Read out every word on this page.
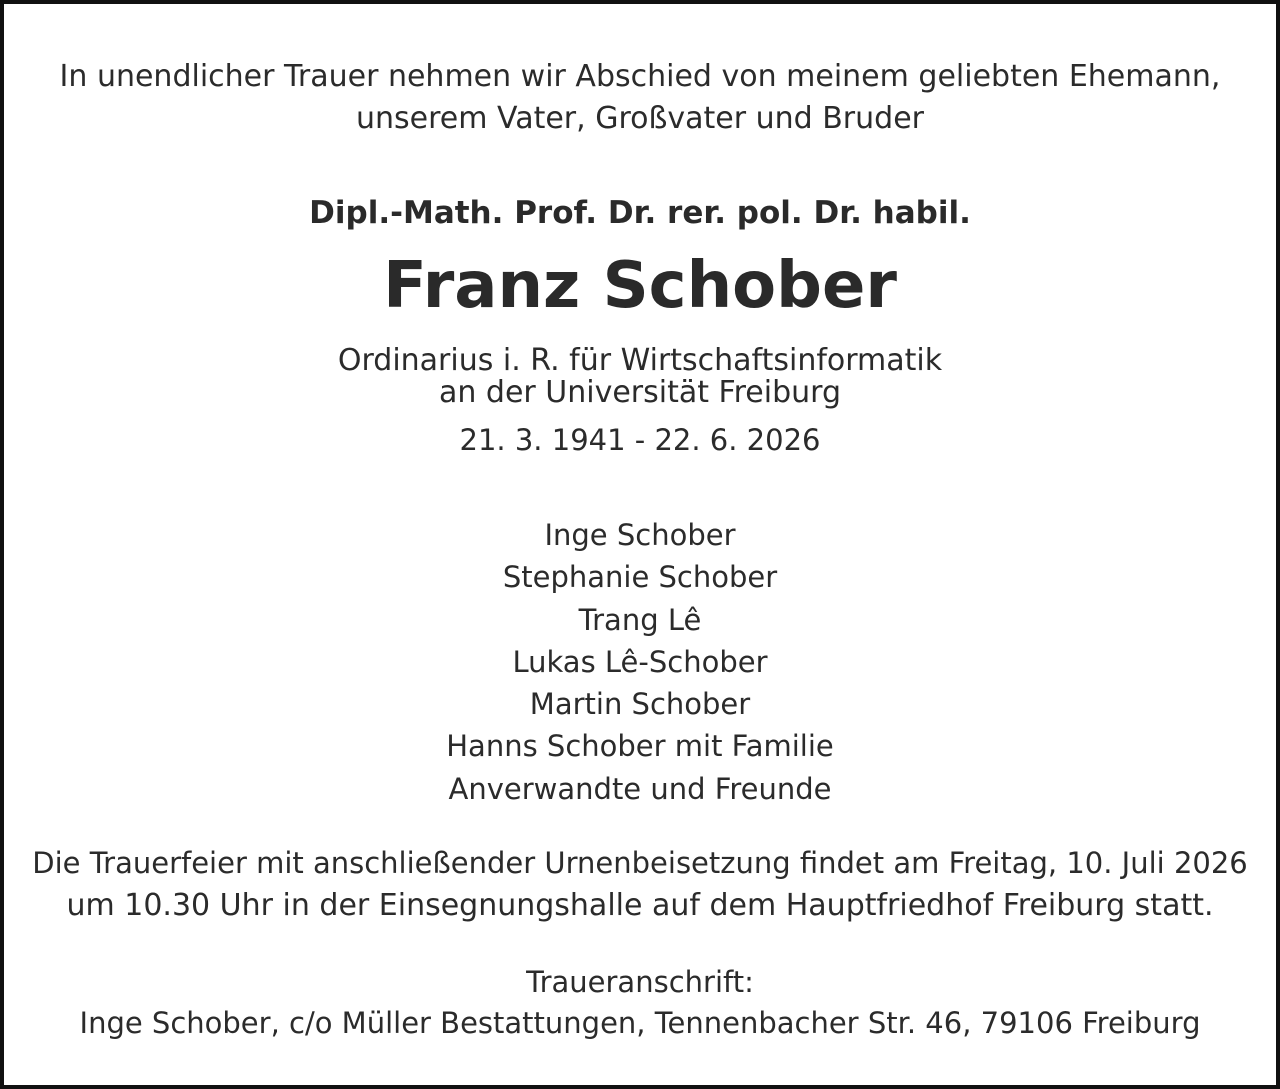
In unendlicher Trauer nehmen wir Abschied von meinem geliebten Ehemann,
unserem Vater, Großvater und Bruder
Dipl.-Math. Prof. Dr. rer. pol. Dr. habil.
Franz Schober
Ordinarius i. R. für Wirtschaftsinformatik
an der Universität Freiburg
21. 3. 1941 - 22. 6. 2026
Inge Schober
Stephanie Schober
Trang Lê
Lukas Lê-Schober
Martin Schober
Hanns Schober mit Familie
Anverwandte und Freunde
Die Trauerfeier mit anschließender Urnenbeisetzung findet am Freitag, 10. Juli 2026
um 10.30 Uhr in der Einsegnungshalle auf dem Hauptfriedhof Freiburg statt.
Traueranschrift:
Inge Schober, c/o Müller Bestattungen, Tennenbacher Str. 46, 79106 Freiburg
